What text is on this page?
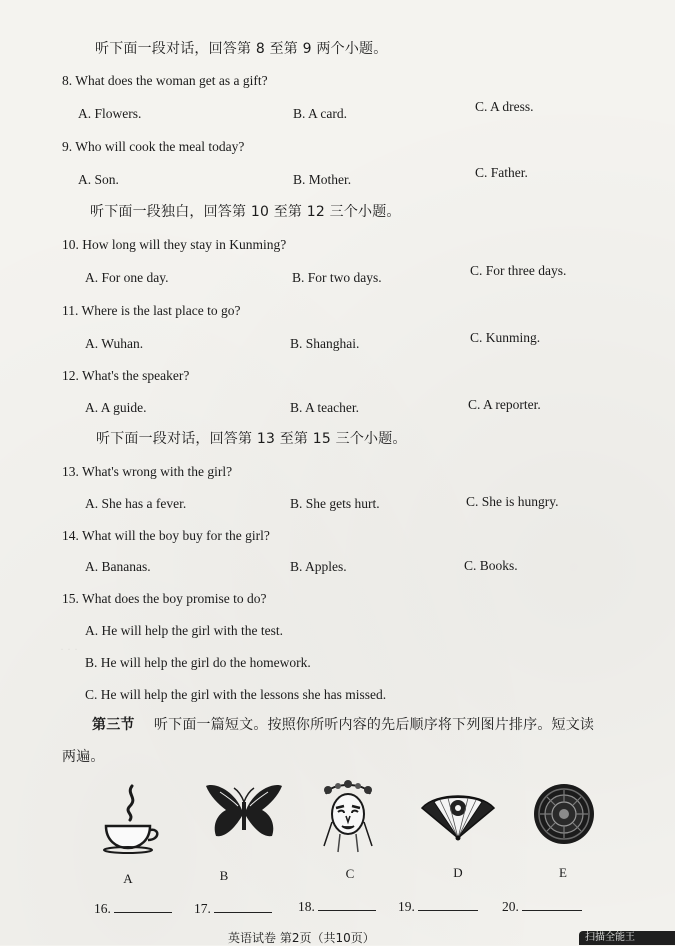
· · ·
听下面一段对话，回答第 8 至第 9 两个小题。
8. What does the woman get as a gift?
A. Flowers.	B. A card.	C. A dress.
9. Who will cook the meal today?
A. Son.	B. Mother.	C. Father.
听下面一段独白，回答第 10 至第 12 三个小题。
10. How long will they stay in Kunming?
A. For one day.	B. For two days.	C. For three days.
11. Where is the last place to go?
A. Wuhan.	B. Shanghai.	C. Kunming.
12. What's the speaker?
A. A guide.	B. A teacher.	C. A reporter.
听下面一段对话，回答第 13 至第 15 三个小题。
13. What's wrong with the girl?
A. She has a fever.	B. She gets hurt.	C. She is hungry.
14. What will the boy buy for the girl?
A. Bananas.	B. Apples.	C. Books.
15. What does the boy promise to do?
A. He will help the girl with the test.
B. He will help the girl do the homework.
C. He will help the girl with the lessons she has missed.
第三节 听下面一篇短文。按照你所听内容的先后顺序将下列图片排序。短文读
两遍。
A	B	C	D	E
16.	17.	18.	19.	20.
英语试卷 第2页（共10页）	扫描全能王
